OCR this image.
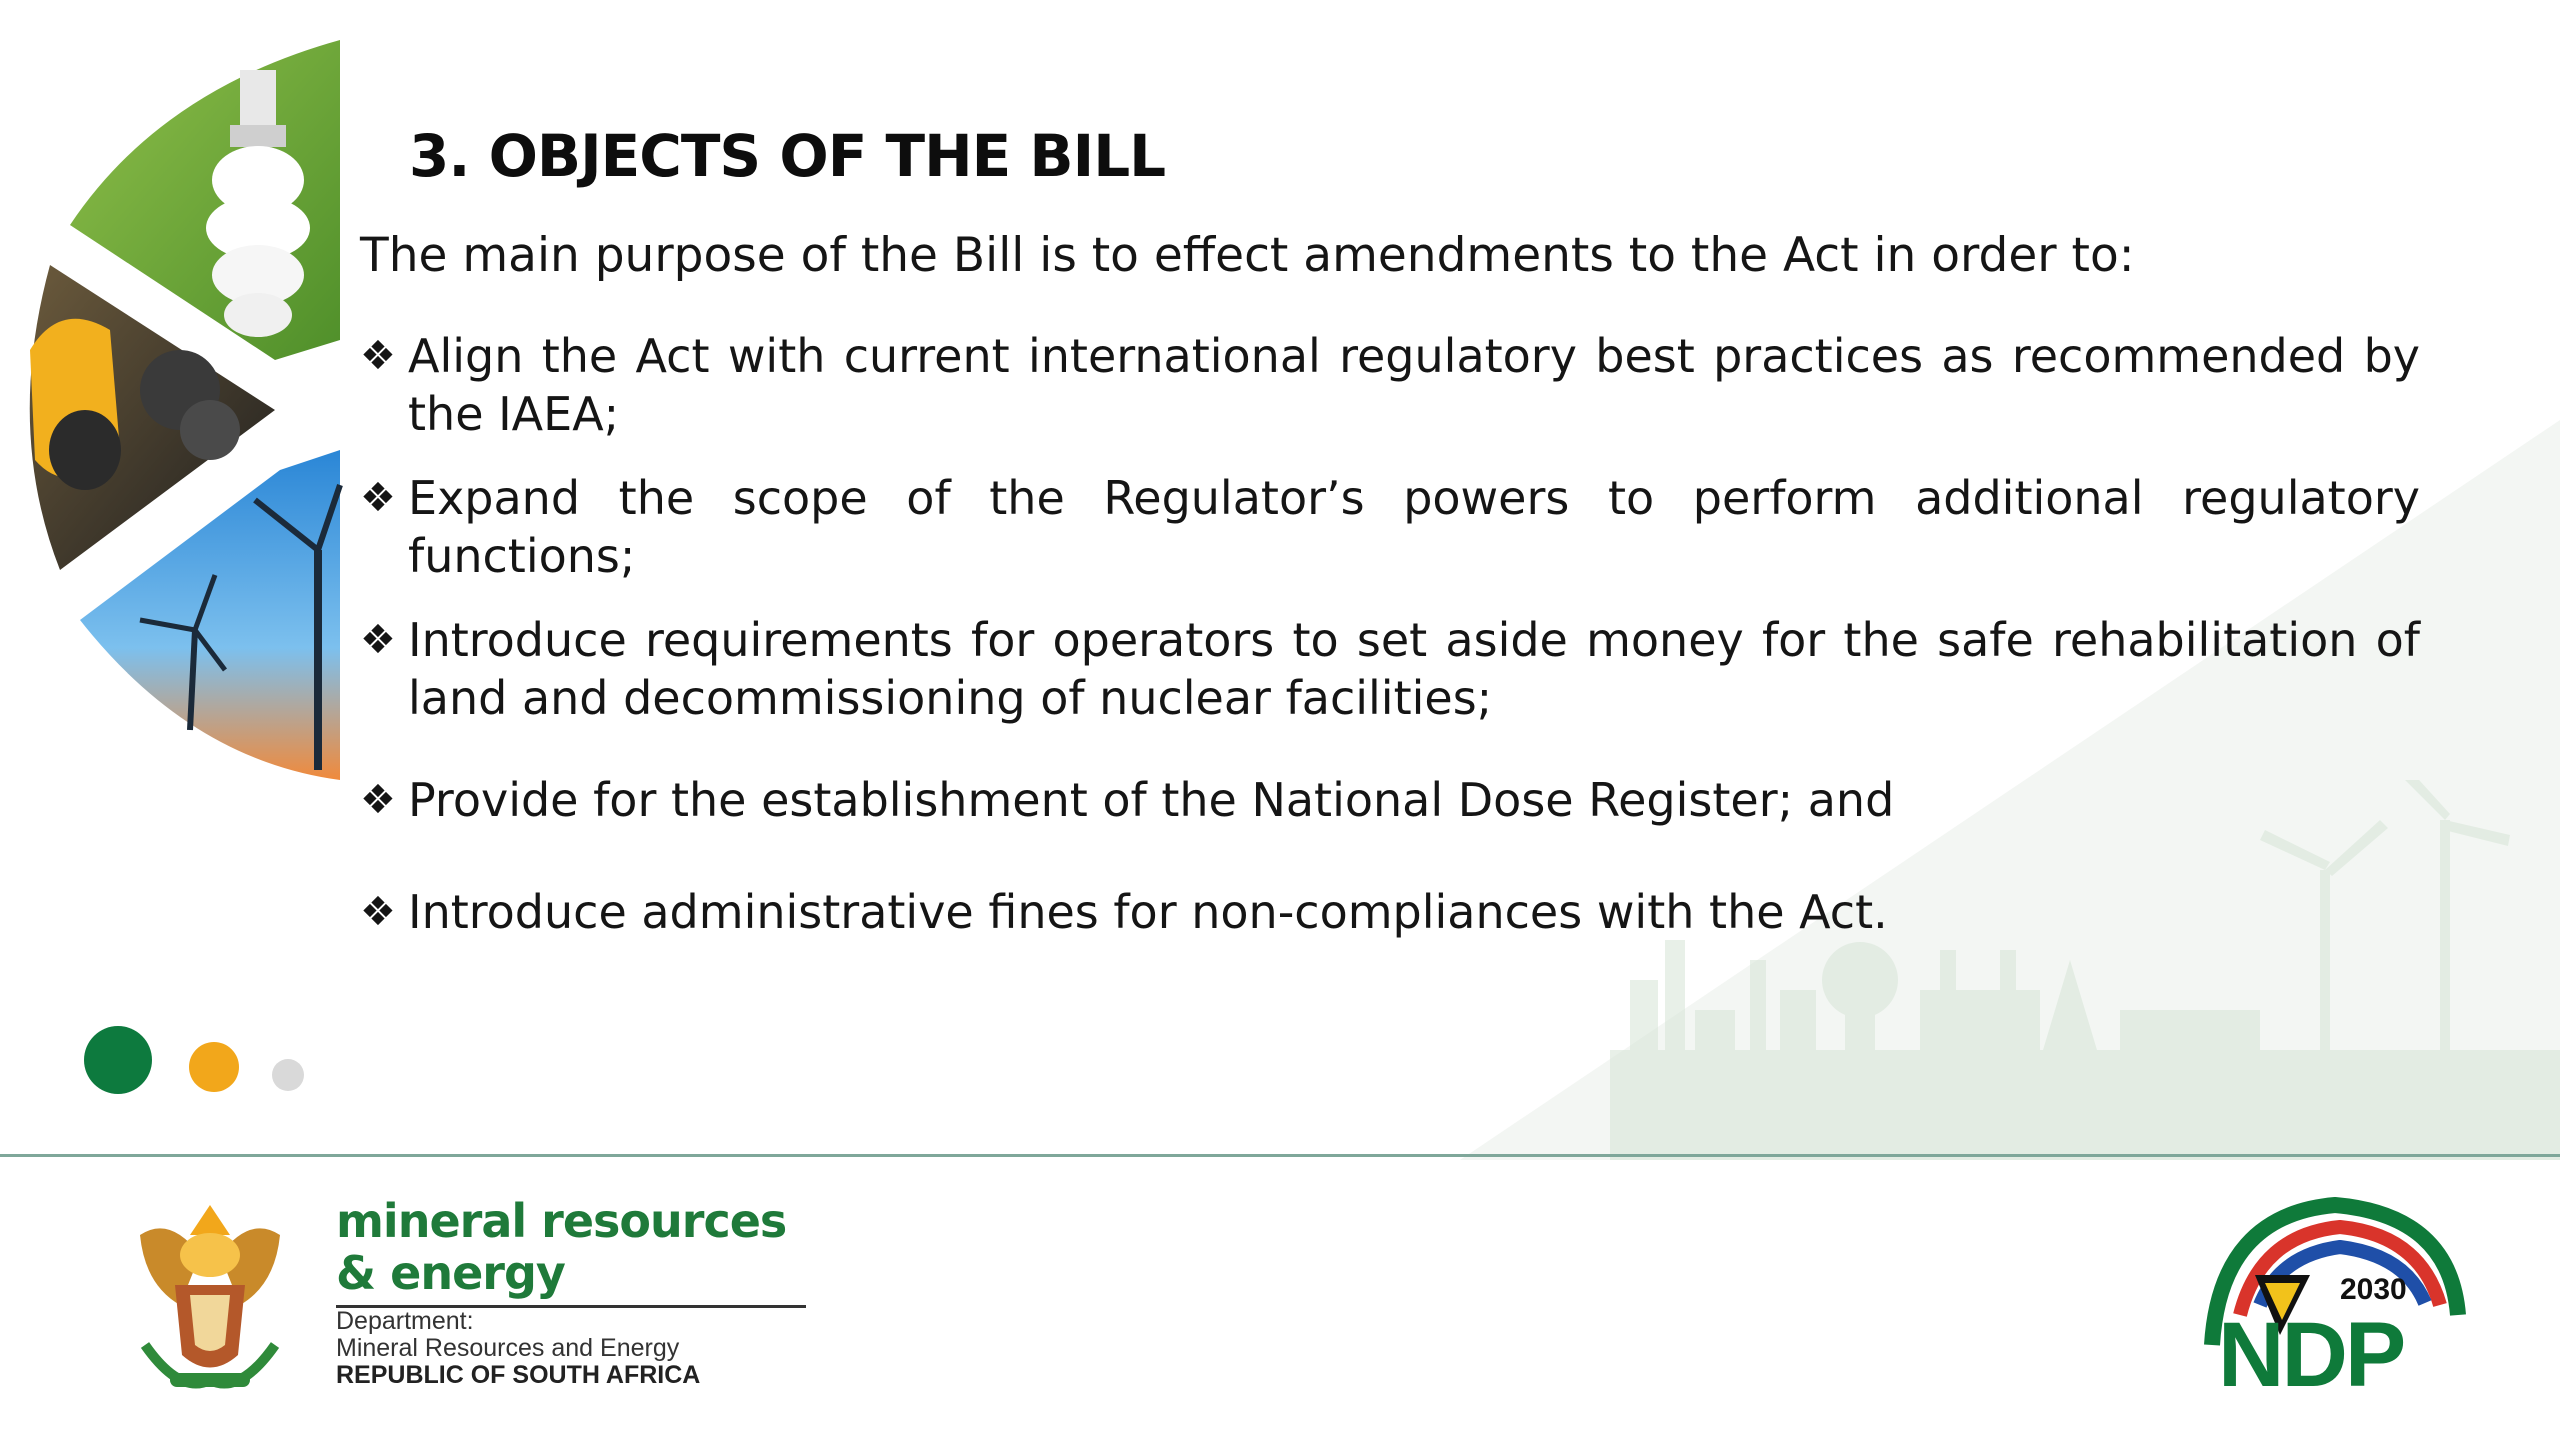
3. OBJECTS OF THE BILL
The main purpose of the Bill is to effect amendments to the Act in order to:
❖ Align the Act with current international regulatory best practices as recommended by the IAEA;
❖ Expand the scope of the Regulator’s powers to perform additional regulatory functions;
❖ Introduce requirements for operators to set aside money for the safe rehabilitation of land and decommissioning of nuclear facilities;
❖ Provide for the establishment of the National Dose Register; and
❖ Introduce administrative fines for non-compliances with the Act.
mineral resources
& energy
Department:
Mineral Resources and Energy
REPUBLIC OF SOUTH AFRICA
2030
NDP
